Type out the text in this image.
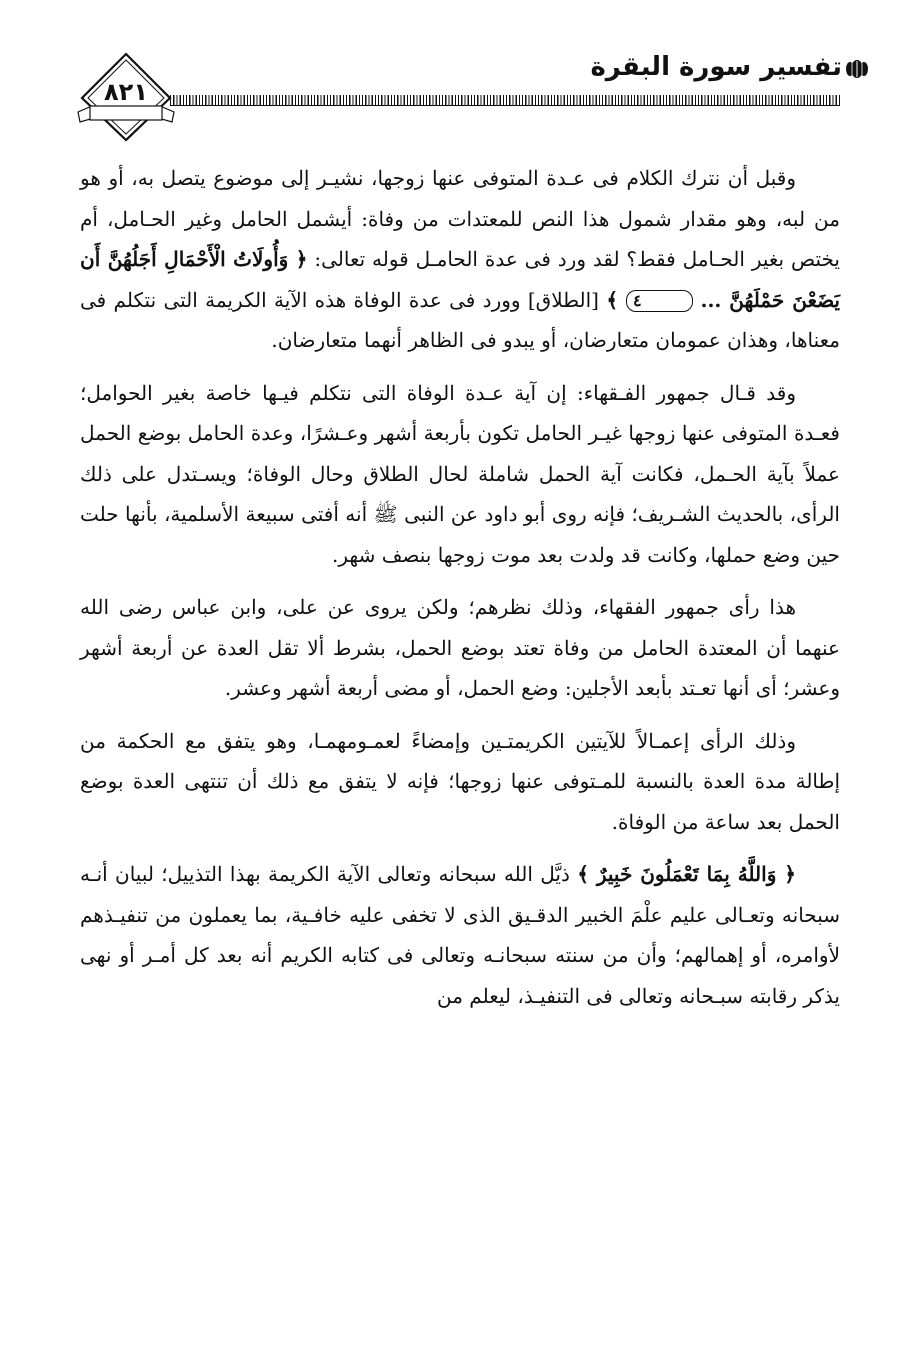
تفسير سورة البقرة
٨٢١

وقبل أن نترك الكلام فى عـدة المتوفى عنها زوجها، نشيـر إلى موضوع يتصل به، أو هو من لبه، وهو مقدار شمول هذا النص للمعتدات من وفاة: أيشمل الحامل وغير الحـامل، أم يختص بغير الحـامل فقط؟ لقد ورد فى عدة الحامـل قوله تعالى: ﴿ وَأُولَاتُ الْأَحْمَالِ أَجَلُهُنَّ أَن يَضَعْنَ حَمْلَهُنَّ ... ٤ ﴾ [الطلاق] وورد فى عدة الوفاة هذه الآية الكريمة التى نتكلم فى معناها، وهذان عمومان متعارضان، أو يبدو فى الظاهر أنهما متعارضان.

وقد قـال جمهور الفـقهاء: إن آية عـدة الوفاة التى نتكلم فيـها خاصة بغير الحوامل؛ فعـدة المتوفى عنها زوجها غيـر الحامل تكون بأربعة أشهر وعـشرًا، وعدة الحامل بوضع الحمل عملاً بآية الحـمل، فكانت آية الحمل شاملة لحال الطلاق وحال الوفاة؛ ويسـتدل على ذلك الرأى، بالحديث الشـريف؛ فإنه روى أبو داود عن النبى ﷺ أنه أفتى سبيعة الأسلمية، بأنها حلت حين وضع حملها، وكانت قد ولدت بعد موت زوجها بنصف شهر.

هذا رأى جمهور الفقهاء، وذلك نظرهم؛ ولكن يروى عن على، وابن عباس رضى الله عنهما أن المعتدة الحامل من وفاة تعتد بوضع الحمل، بشرط ألا تقل العدة عن أربعة أشهر وعشر؛ أى أنها تعـتد بأبعد الأجلين: وضع الحمل، أو مضى أربعة أشهر وعشر.

وذلك الرأى إعمـالاً للآيتين الكريمتـين وإمضاءً لعمـومهمـا، وهو يتفق مع الحكمة من إطالة مدة العدة بالنسبة للمـتوفى عنها زوجها؛ فإنه لا يتفق مع ذلك أن تنتهى العدة بوضع الحمل بعد ساعة من الوفاة.

﴿ وَاللَّهُ بِمَا تَعْمَلُونَ خَبِيرٌ ﴾ ذيَّل الله سبحانه وتعالى الآية الكريمة بهذا التذييل؛ لبيان أنـه سبحانه وتعـالى عليم علْمَ الخبير الدقـيق الذى لا تخفى عليه خافـية، بما يعملون من تنفيـذهم لأوامره، أو إهمالهم؛ وأن من سنته سبحانـه وتعالى فى كتابه الكريم أنه بعد كل أمـر أو نهى يذكر رقابته سبـحانه وتعالى فى التنفيـذ، ليعلم من
